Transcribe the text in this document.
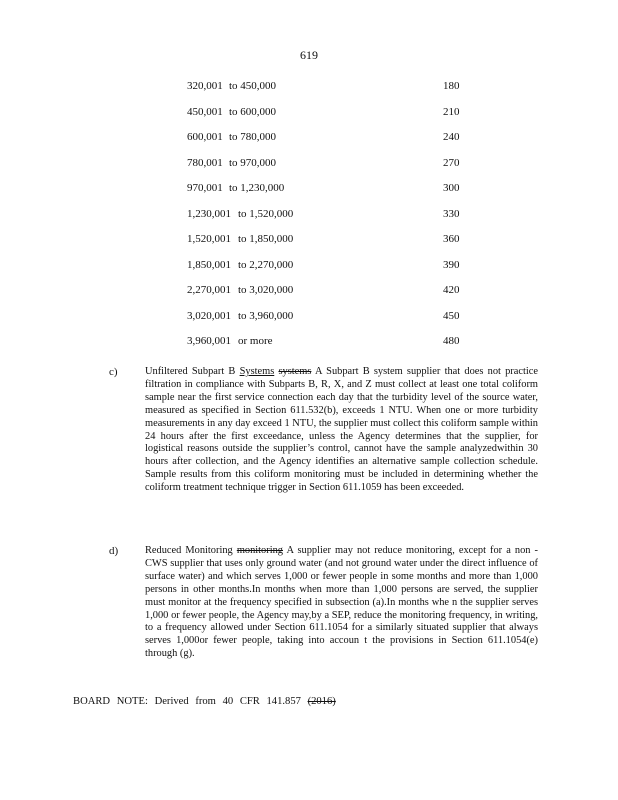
619
320,001 to 450,000	180
450,001 to 600,000	210
600,001 to 780,000	240
780,001 to 970,000	270
970,001 to 1,230,000	300
1,230,001 to 1,520,000	330
1,520,001 to 1,850,000	360
1,850,001 to 2,270,000	390
2,270,001 to 3,020,000	420
3,020,001 to 3,960,000	450
3,960,001 or more	480
c)	Unfiltered Subpart B Systems systems A Subpart B system supplier that does not practice filtration in compliance with Subparts B, R, X, and Z must collect at least one total coliform sample near the first service connection each day that the turbidity level of the source water, measured as specified in Section 611.532(b), exceeds 1 NTU. When one or more turbidity measurements in any day exceed 1 NTU, the supplier must collect this coliform sample within 24 hours after the first exceedance, unless the Agency determines that the supplier, for logistical reasons outside the supplier’s control, cannot have the sample analyzedwithin 30 hours after collection, and the Agency identifies an alternative sample collection schedule. Sample results from this coliform monitoring must be included in determining whether the coliform treatment technique trigger in Section 611.1059 has been exceeded.
d)	Reduced Monitoring monitoring A supplier may not reduce monitoring, except for a non -CWS supplier that uses only ground water (and not ground water under the direct influence of surface water) and which serves 1,000 or fewer people in some months and more than 1,000 persons in other months.In months when more than 1,000 persons are served, the supplier must monitor at the frequency specified in subsection (a).In months whe n the supplier serves 1,000 or fewer people, the Agency may,by a SEP, reduce the monitoring frequency, in writing, to a frequency allowed under Section 611.1054 for a similarly situated supplier that always serves 1,000or fewer people, taking into accoun t the provisions in Section 611.1054(e) through (g).
BOARD NOTE: Derived from 40 CFR 141.857 (2016)
